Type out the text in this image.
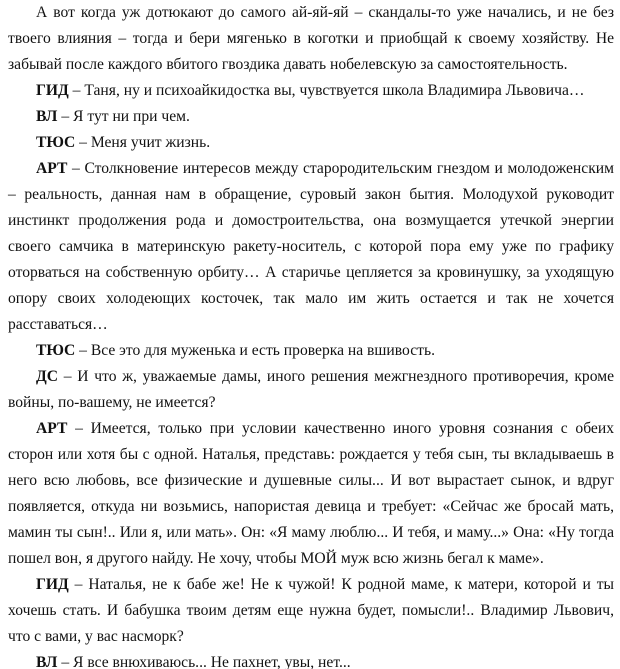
А вот когда уж дотюкают до самого ай-яй-яй – скандалы-то уже начались, и не без твоего влияния – тогда и бери мягенько в коготки и приобщай к своему хозяйству. Не забывай после каждого вбитого гвоздика давать нобелевскую за самостоятельность.

ГИД – Таня, ну и психоайкидостка вы, чувствуется школа Владимира Львовича…

ВЛ – Я тут ни при чем.

ТЮС – Меня учит жизнь.

АРТ – Столкновение интересов между старородительским гнездом и молодоженским – реальность, данная нам в обращение, суровый закон бытия. Молодухой руководит инстинкт продолжения рода и домостроительства, она возмущается утечкой энергии своего самчика в материнскую ракету-носитель, с которой пора ему уже по графику оторваться на собственную орбиту… А старичье цепляется за кровинушку, за уходящую опору своих холодеющих косточек, так мало им жить остается и так не хочется расставаться…

ТЮС – Все это для муженька и есть проверка на вшивость.

ДС – И что ж, уважаемые дамы, иного решения межгнездного противоречия, кроме войны, по-вашему, не имеется?

АРТ – Имеется, только при условии качественно иного уровня сознания с обеих сторон или хотя бы с одной. Наталья, представь: рождается у тебя сын, ты вкладываешь в него всю любовь, все физические и душевные силы... И вот вырастает сынок, и вдруг появляется, откуда ни возьмись, напористая девица и требует: «Сейчас же бросай мать, мамин ты сын!.. Или я, или мать». Он: «Я маму люблю... И тебя, и маму...» Она: «Ну тогда пошел вон, я другого найду. Не хочу, чтобы МОЙ муж всю жизнь бегал к маме».

ГИД – Наталья, не к бабе же! Не к чужой! К родной маме, к матери, которой и ты хочешь стать. И бабушка твоим детям еще нужна будет, помысли!.. Владимир Львович, что с вами, у вас насморк?

ВЛ – Я все внюхиваюсь... Не пахнет, увы, нет...
